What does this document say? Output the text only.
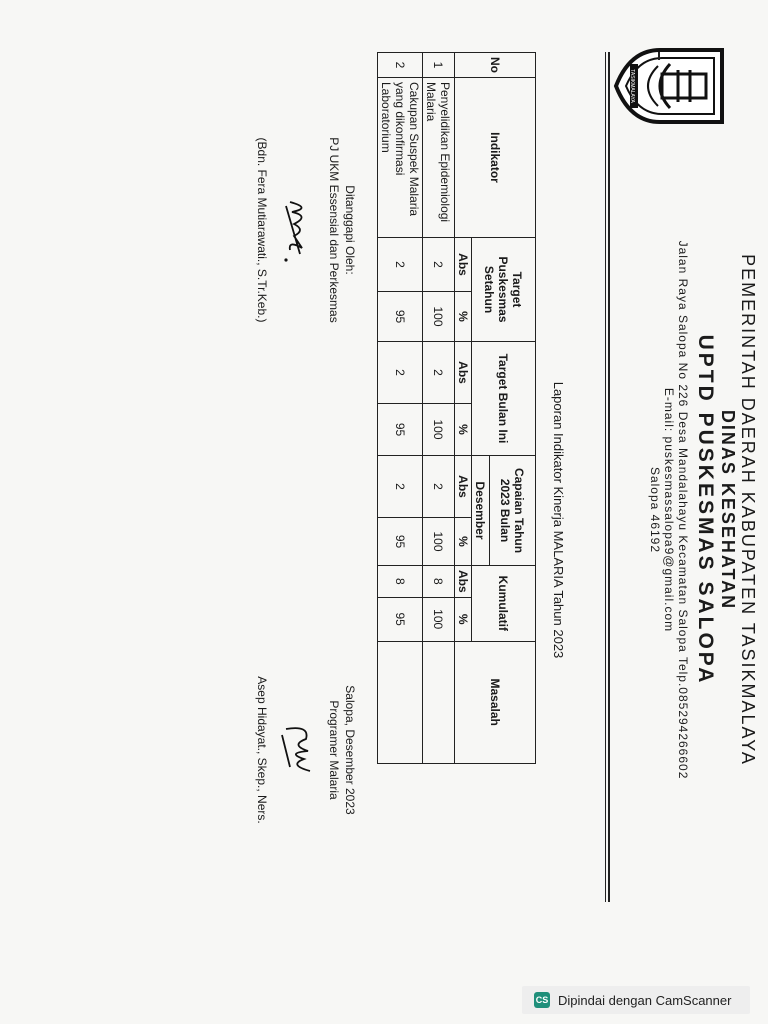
TASIKMALAYA
PEMERINTAH DAERAH KABUPATEN TASIKMALAYA
DINAS KESEHATAN
UPTD PUSKESMAS SALOPA
Jalan Raya Salopa No 226 Desa Mandalahayu Kecamatan Salopa Telp.085294266602
E-mail: puskesmassalopa9@gmail.com
Salopa 46192
Laporan Indikator Kinerja MALARIA Tahun 2023
No	Indikator	Target Puskesmas Setahun		Target Bulan Ini		Capaian Tahun 2023 Bulan		Kumulatif		Masalah
						Desember				
		Abs	%	Abs	%	Abs	%	Abs	%	
1	Penyelidikan Epidemiologi Malaria	2	100	2	100	2	100	8	100	
2	Cakupan Suspek Malaria yang dikonfirmasi Laboratorium	2	95	2	95	2	95	8	95	
Ditanggapi Oleh:
PJ UKM Essensial dan Perkesmas
(Bdn. Fera Mutiarawati., S.Tr.Keb.)
Salopa, Desember 2023
Programer Malaria
Asep Hidayat., Skep., Ners.
CS Dipindai dengan CamScanner
